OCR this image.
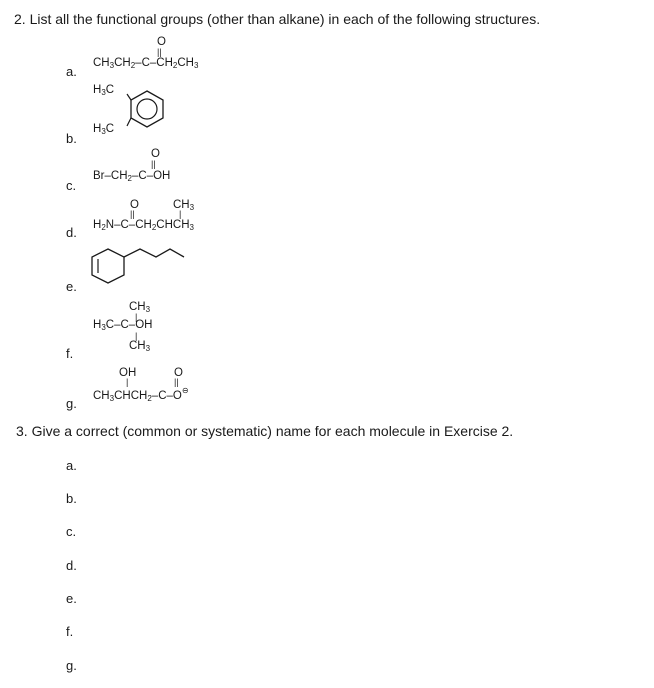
2. List all the functional groups (other than alkane) in each of the following structures.
a.
O
||
$CH_3CH_2-C-CH_2CH_3$
b.
$H_3C$
$H_3C$
c.
O
||
$Br-CH_2-C-OH$
d.
O	$CH_3$
||	|
$H_2N-C-CH_2CHCH_3$
e.
f.
$CH_3$
|
$H_3C-C-OH$
|
$CH_3$
g.
OH	O
|	||
$CH_3CHCH_2-C-O^⊖$
3. Give a correct (common or systematic) name for each molecule in Exercise 2.
a.
b.
c.
d.
e.
f.
g.
